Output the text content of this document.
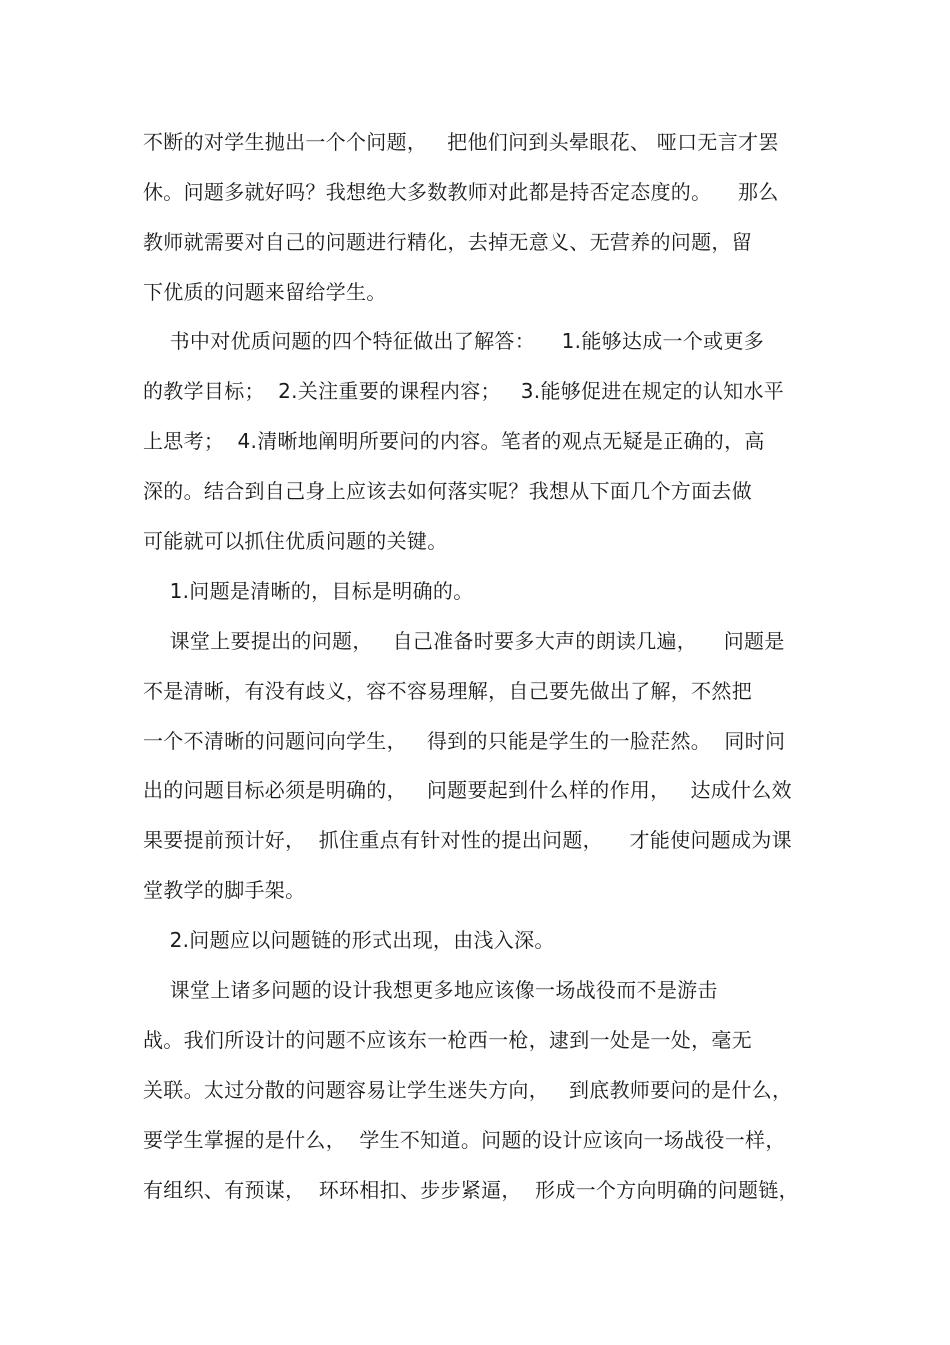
不断的对学生抛出一个个问题，   把他们问到头晕眼花、 哑口无言才罢
休。问题多就好吗？我想绝大多数教师对此都是持否定态度的。    那么
教师就需要对自己的问题进行精化，去掉无意义、无营养的问题，留
下优质的问题来留给学生。
书中对优质问题的四个特征做出了解答：    1.能够达成一个或更多
的教学目标；  2.关注重要的课程内容；   3.能够促进在规定的认知水平
上思考；  4.清晰地阐明所要问的内容。笔者的观点无疑是正确的，高
深的。结合到自己身上应该去如何落实呢？我想从下面几个方面去做
可能就可以抓住优质问题的关键。
1.问题是清晰的，目标是明确的。
课堂上要提出的问题，   自己准备时要多大声的朗读几遍，    问题是
不是清晰，有没有歧义，容不容易理解，自己要先做出了解，不然把
一个不清晰的问题问向学生，   得到的只能是学生的一脸茫然。  同时问
出的问题目标必须是明确的，   问题要起到什么样的作用，   达成什么效
果要提前预计好，  抓住重点有针对性的提出问题，    才能使问题成为课
堂教学的脚手架。
2.问题应以问题链的形式出现，由浅入深。
课堂上诸多问题的设计我想更多地应该像一场战役而不是游击
战。我们所设计的问题不应该东一枪西一枪，逮到一处是一处，毫无
关联。太过分散的问题容易让学生迷失方向，   到底教师要问的是什么，
要学生掌握的是什么，  学生不知道。问题的设计应该向一场战役一样，
有组织、有预谋，  环环相扣、步步紧逼，  形成一个方向明确的问题链，
